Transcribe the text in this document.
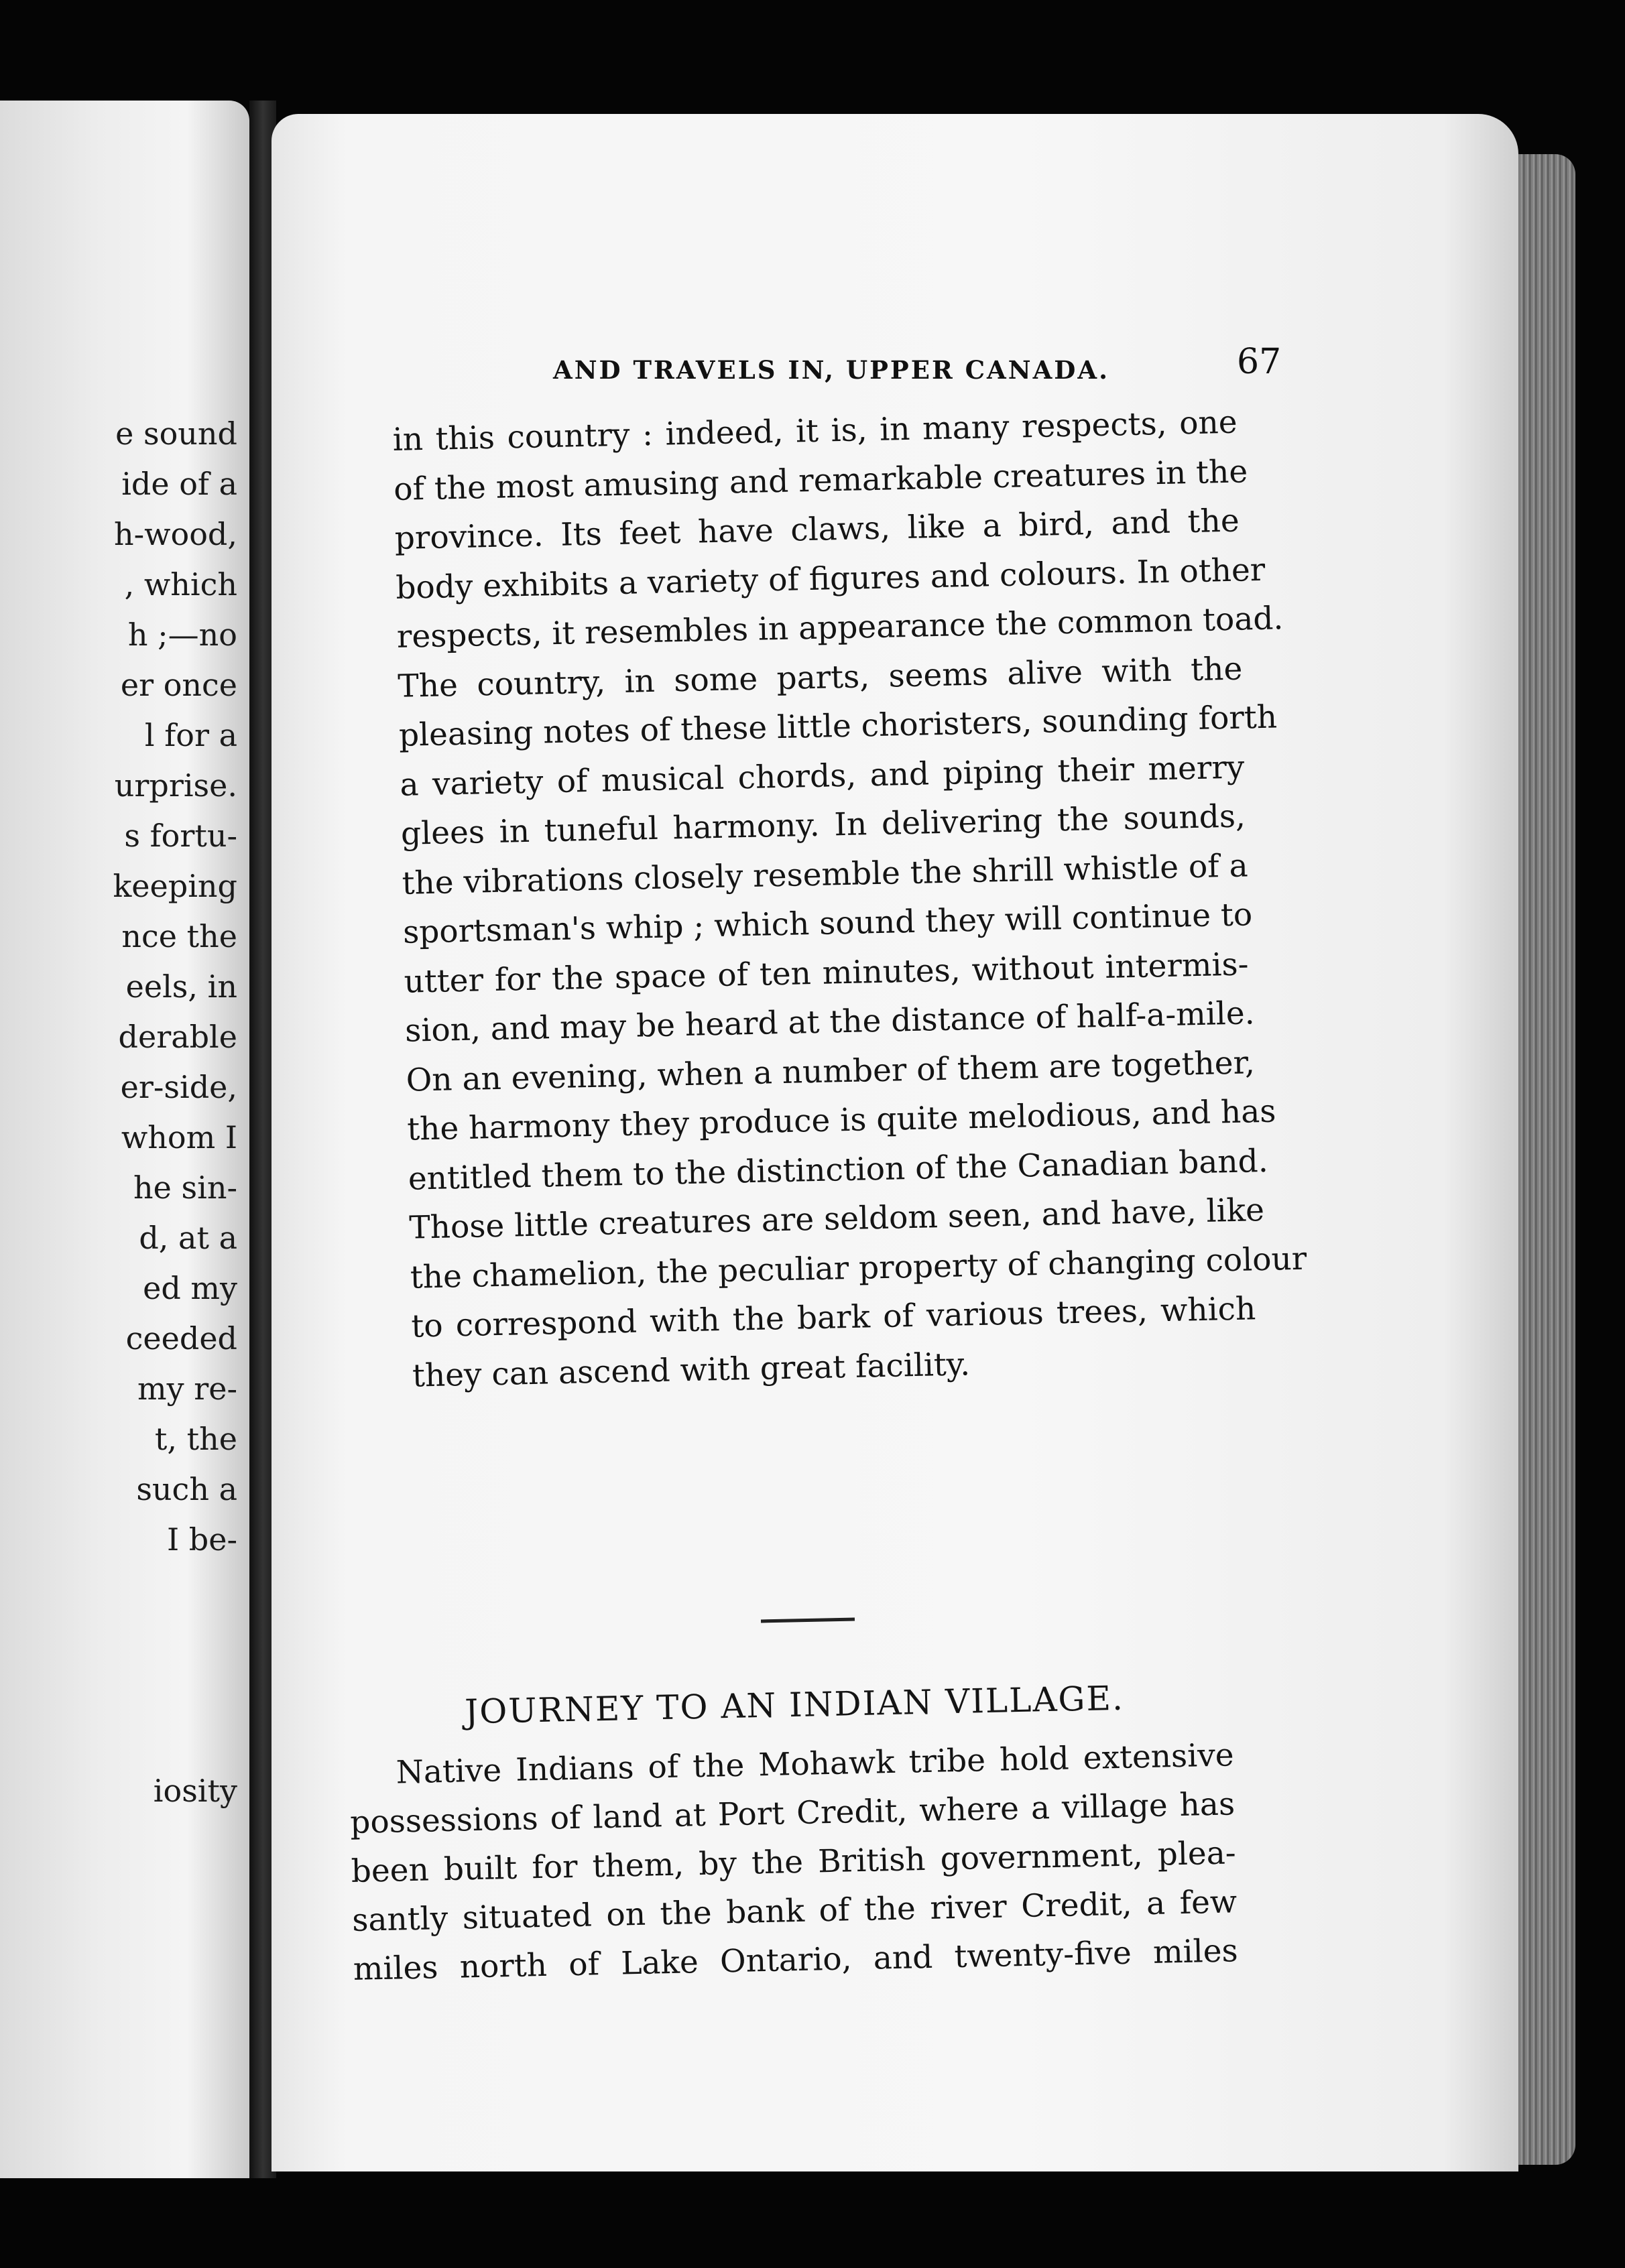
e sound
ide of a
h-wood,
, which
h ;—no
er once
l for a
urprise.
s fortu-
keeping
nce the
eels, in
derable
er-side,
whom I
he sin-
d, at a
ed my
ceeded
my re-
t, the
such a
I be-
iosity
AND TRAVELS IN, UPPER CANADA.	67
in this country : indeed, it is, in many respects, one
of the most amusing and remarkable creatures in the
province. Its feet have claws, like a bird, and the
body exhibits a variety of figures and colours. In other
respects, it resembles in appearance the common toad.
The country, in some parts, seems alive with the
pleasing notes of these little choristers, sounding forth
a variety of musical chords, and piping their merry
glees in tuneful harmony. In delivering the sounds,
the vibrations closely resemble the shrill whistle of a
sportsman's whip ; which sound they will continue to
utter for the space of ten minutes, without intermis-
sion, and may be heard at the distance of half-a-mile.
On an evening, when a number of them are together,
the harmony they produce is quite melodious, and has
entitled them to the distinction of the Canadian band.
Those little creatures are seldom seen, and have, like
the chamelion, the peculiar property of changing colour
to correspond with the bark of various trees, which
they can ascend with great facility.
JOURNEY TO AN INDIAN VILLAGE.
Native Indians of the Mohawk tribe hold extensive
possessions of land at Port Credit, where a village has
been built for them, by the British government, plea-
santly situated on the bank of the river Credit, a few
miles north of Lake Ontario, and twenty-five miles
